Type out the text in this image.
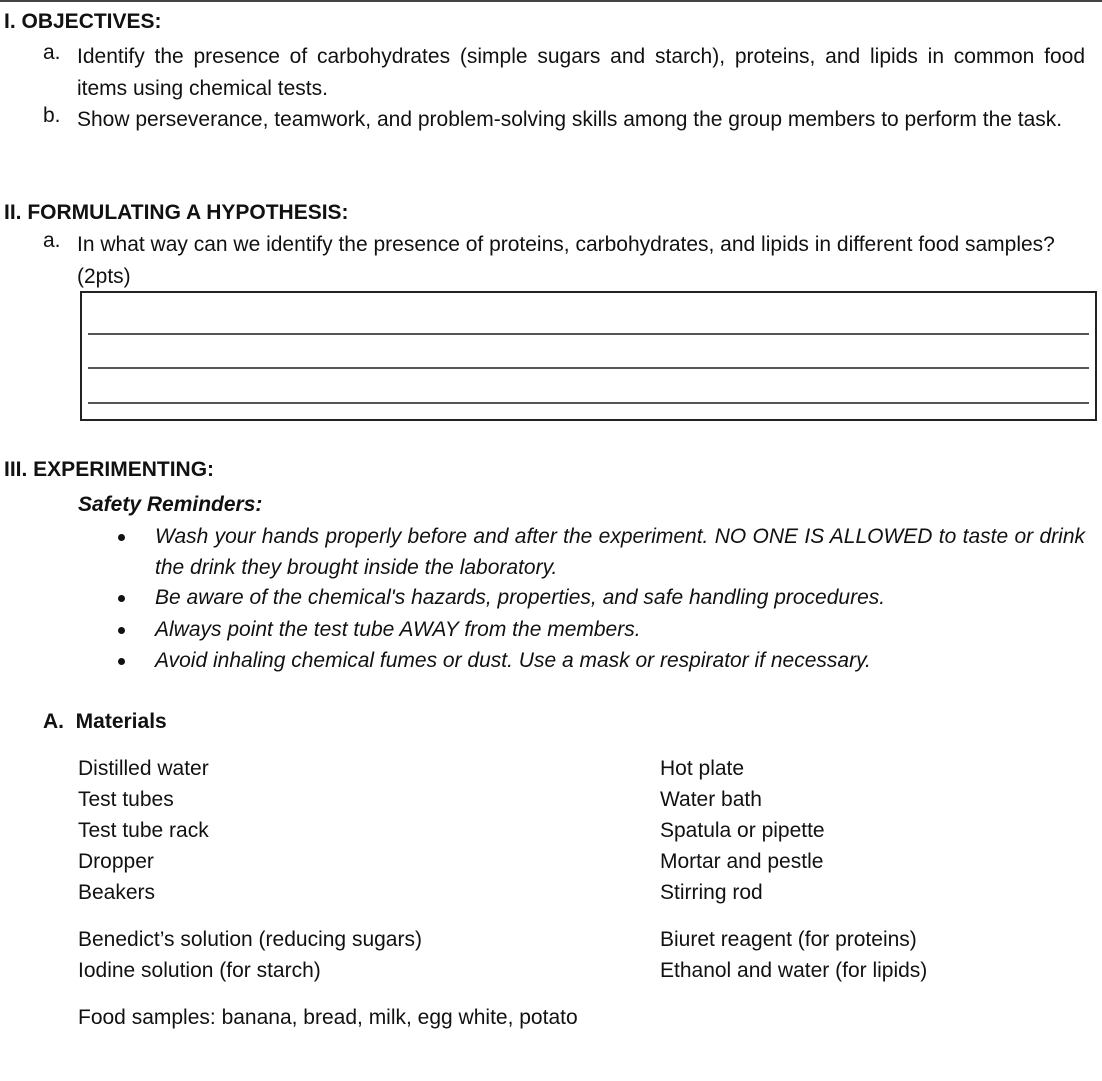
I. OBJECTIVES:
a. Identify the presence of carbohydrates (simple sugars and starch), proteins, and lipids in common food items using chemical tests.
b. Show perseverance, teamwork, and problem-solving skills among the group members to perform the task.
II. FORMULATING A HYPOTHESIS:
a. In what way can we identify the presence of proteins, carbohydrates, and lipids in different food samples? (2pts)
III. EXPERIMENTING:
Safety Reminders:
Wash your hands properly before and after the experiment. NO ONE IS ALLOWED to taste or drink the drink they brought inside the laboratory.
Be aware of the chemical's hazards, properties, and safe handling procedures.
Always point the test tube AWAY from the members.
Avoid inhaling chemical fumes or dust. Use a mask or respirator if necessary.
A.  Materials
Distilled water
Test tubes
Test tube rack
Dropper
Beakers
Hot plate
Water bath
Spatula or pipette
Mortar and pestle
Stirring rod
Benedict’s solution (reducing sugars)
Iodine solution (for starch)
Biuret reagent (for proteins)
Ethanol and water (for lipids)
Food samples: banana, bread, milk, egg white, potato
